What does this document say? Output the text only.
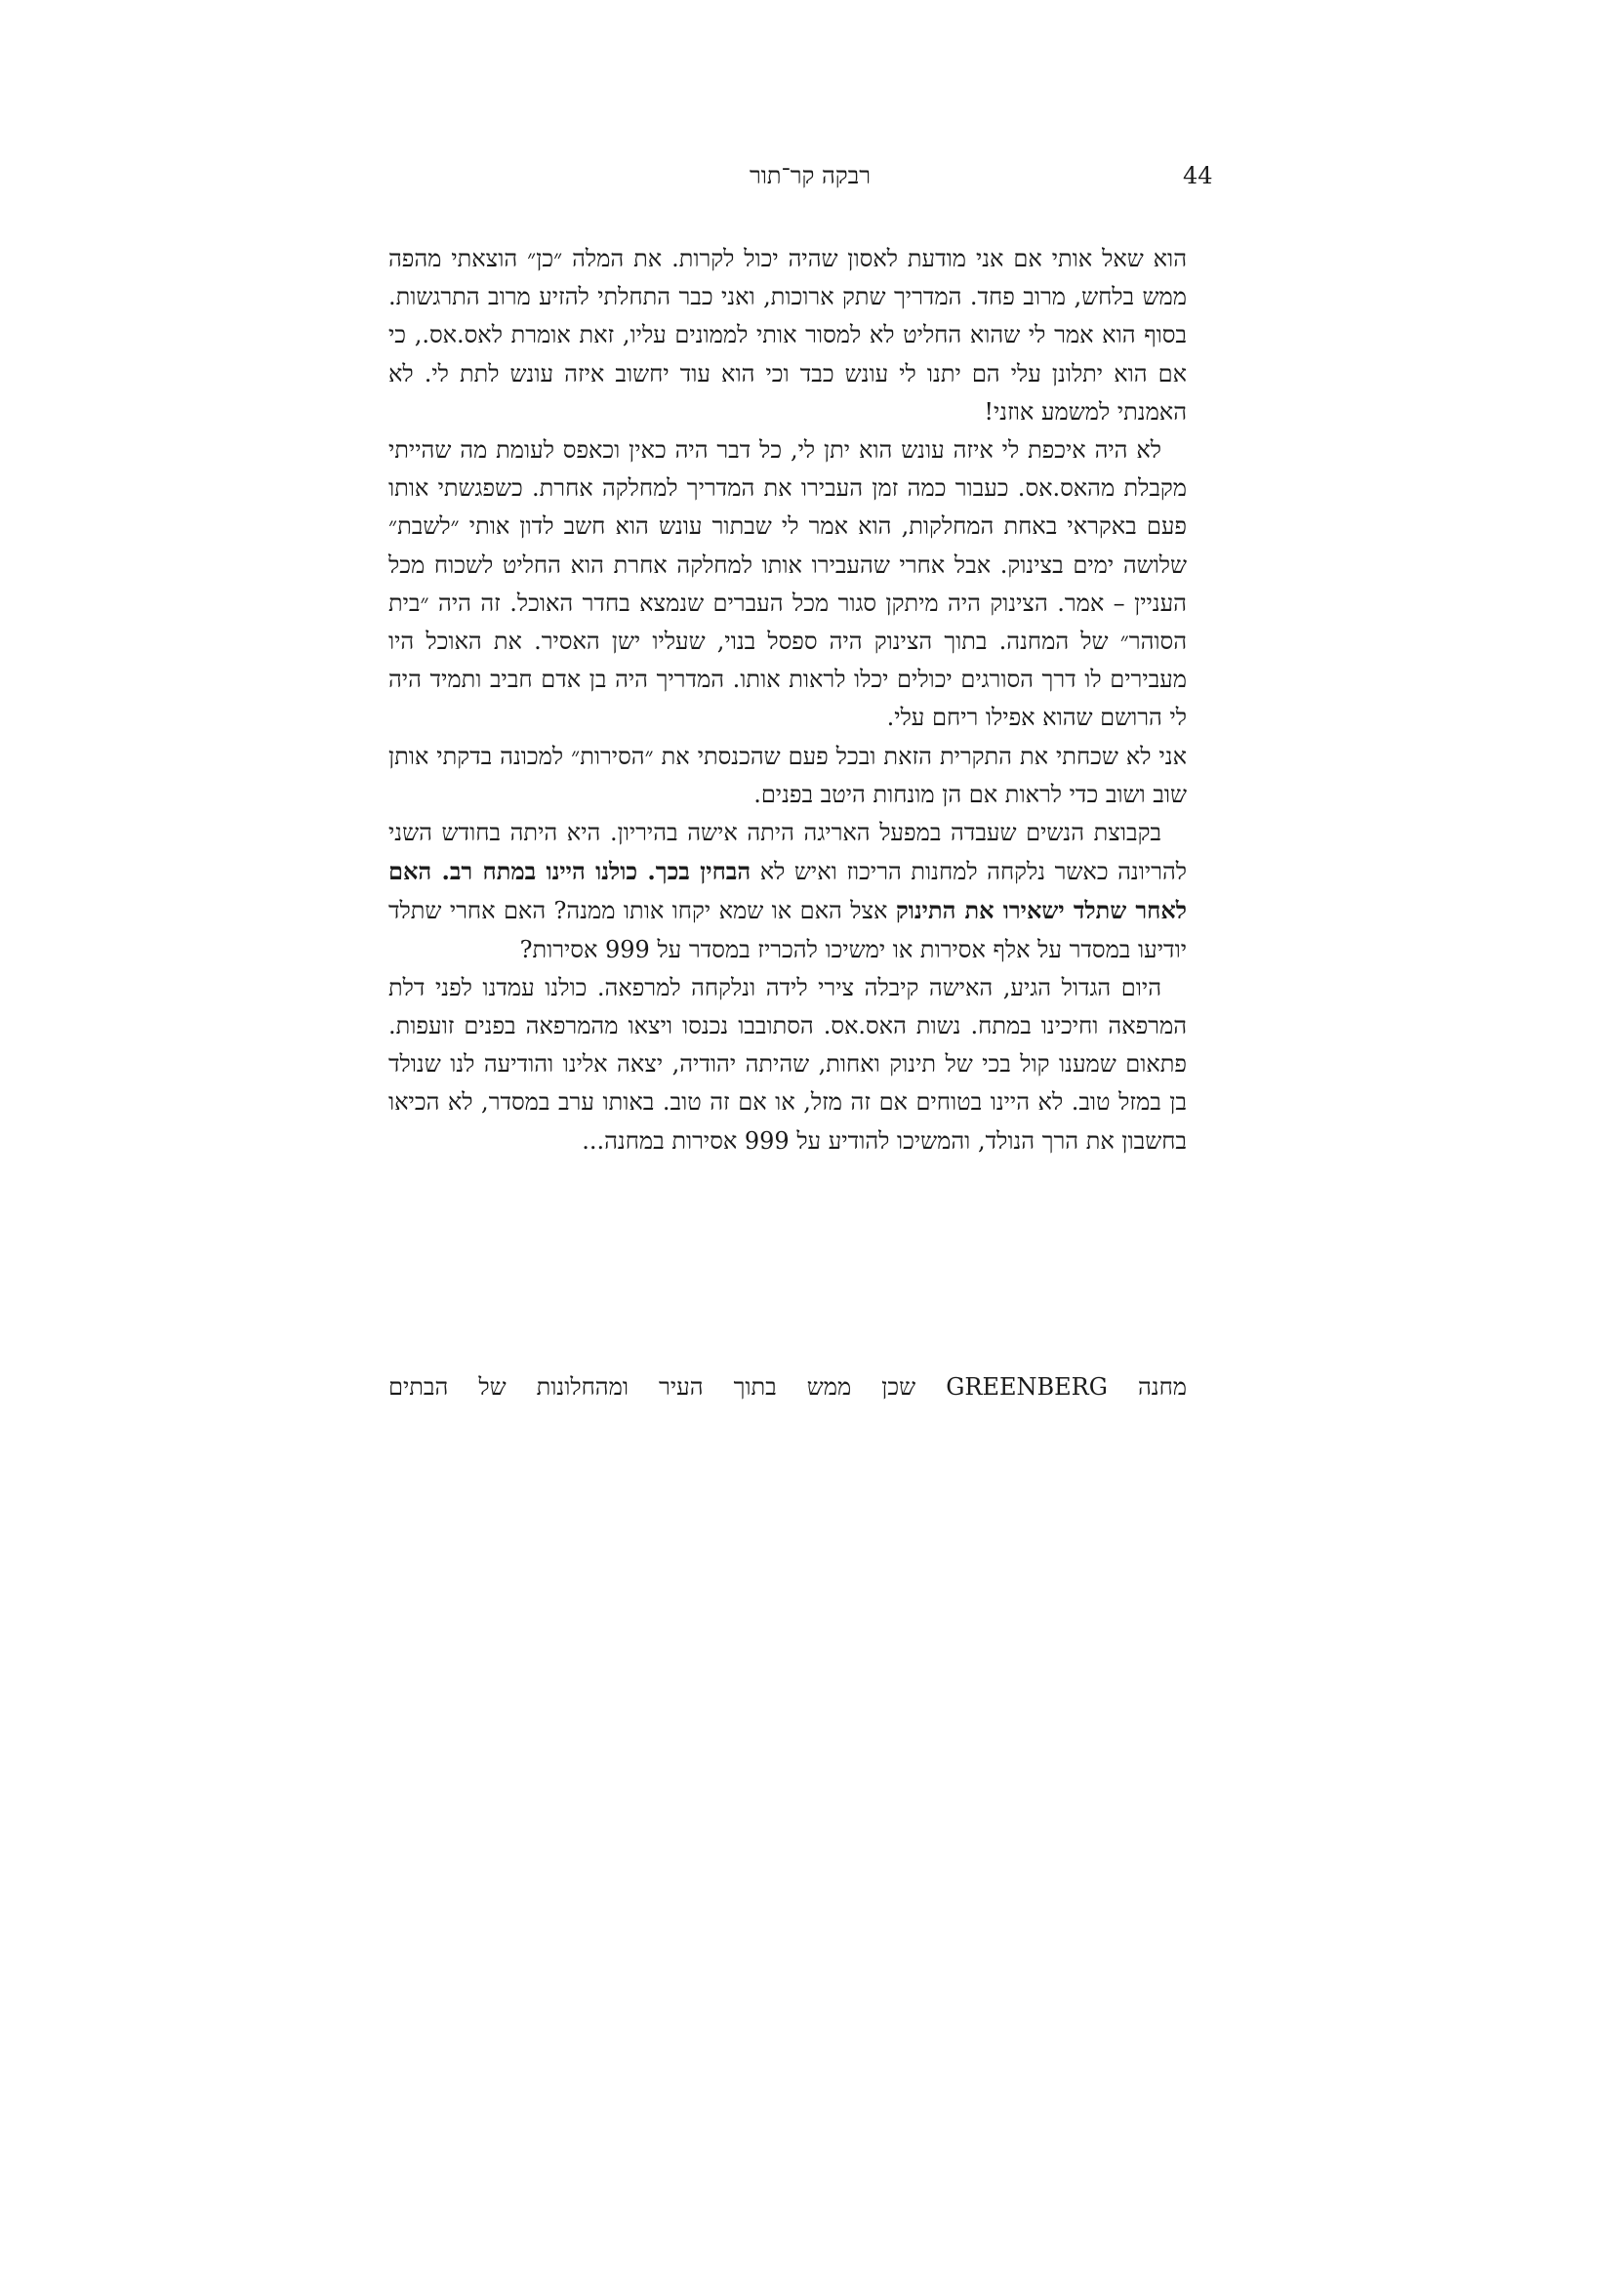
44
רבקה קר־תור

הוא שאל אותי אם אני מודעת לאסון שהיה יכול לקרות. את המלה ״כן״ הוצאתי מהפה ממש בלחש, מרוב פחד. המדריך שתק ארוכות, ואני כבר התחלתי להזיע מרוב התרגשות. בסוף הוא אמר לי שהוא החליט לא למסור אותי לממונים עליו, זאת אומרת לאס.אס., כי אם הוא יתלונן עלי הם יתנו לי עונש כבד וכי הוא עוד יחשוב איזה עונש לתת לי. לא האמנתי למשמע אוזני!

לא היה איכפת לי איזה עונש הוא יתן לי, כל דבר היה כאין וכאפס לעומת מה שהייתי מקבלת מהאס.אס. כעבור כמה זמן העבירו את המדריך למחלקה אחרת. כשפגשתי אותו פעם באקראי באחת המחלקות, הוא אמר לי שבתור עונש הוא חשב לדון אותי ״לשבת״ שלושה ימים בצינוק. אבל אחרי שהעבירו אותו למחלקה אחרת הוא החליט לשכוח מכל העניין – אמר. הצינוק היה מיתקן סגור מכל העברים שנמצא בחדר האוכל. זה היה ״בית הסוהר״ של המחנה. בתוך הצינוק היה ספסל בנוי, שעליו ישן האסיר. את האוכל היו מעבירים לו דרך הסורגים יכולים יכלו לראות אותו. המדריך היה בן אדם חביב ותמיד היה לי הרושם שהוא אפילו ריחם עלי.

אני לא שכחתי את התקרית הזאת ובכל פעם שהכנסתי את ״הסירות״ למכונה בדקתי אותן שוב ושוב כדי לראות אם הן מונחות היטב בפנים.

בקבוצת הנשים שעבדה במפעל האריגה היתה אישה בהיריון. היא היתה בחודש השני להריונה כאשר נלקחה למחנות הריכוז ואיש לא הבחין בכך. כולנו היינו במתח רב. האם לאחר שתלד ישאירו את התינוק אצל האם או שמא יקחו אותו ממנה? האם אחרי שתלד יודיעו במסדר על אלף אסירות או ימשיכו להכריז במסדר על 999 אסירות?

היום הגדול הגיע, האישה קיבלה צירי לידה ונלקחה למרפאה. כולנו עמדנו לפני דלת המרפאה וחיכינו במתח. נשות האס.אס. הסתובבו נכנסו ויצאו מהמרפאה בפנים זועפות. פתאום שמענו קול בכי של תינוק ואחות, שהיתה יהודיה, יצאה אלינו והודיעה לנו שנולד בן במזל טוב. לא היינו בטוחים אם זה מזל, או אם זה טוב. באותו ערב במסדר, לא הכיאו בחשבון את הרך הנולד, והמשיכו להודיע על 999 אסירות במחנה...

מחנה GREENBERG שכן ממש בתוך העיר ומהחלונות של הבתים
